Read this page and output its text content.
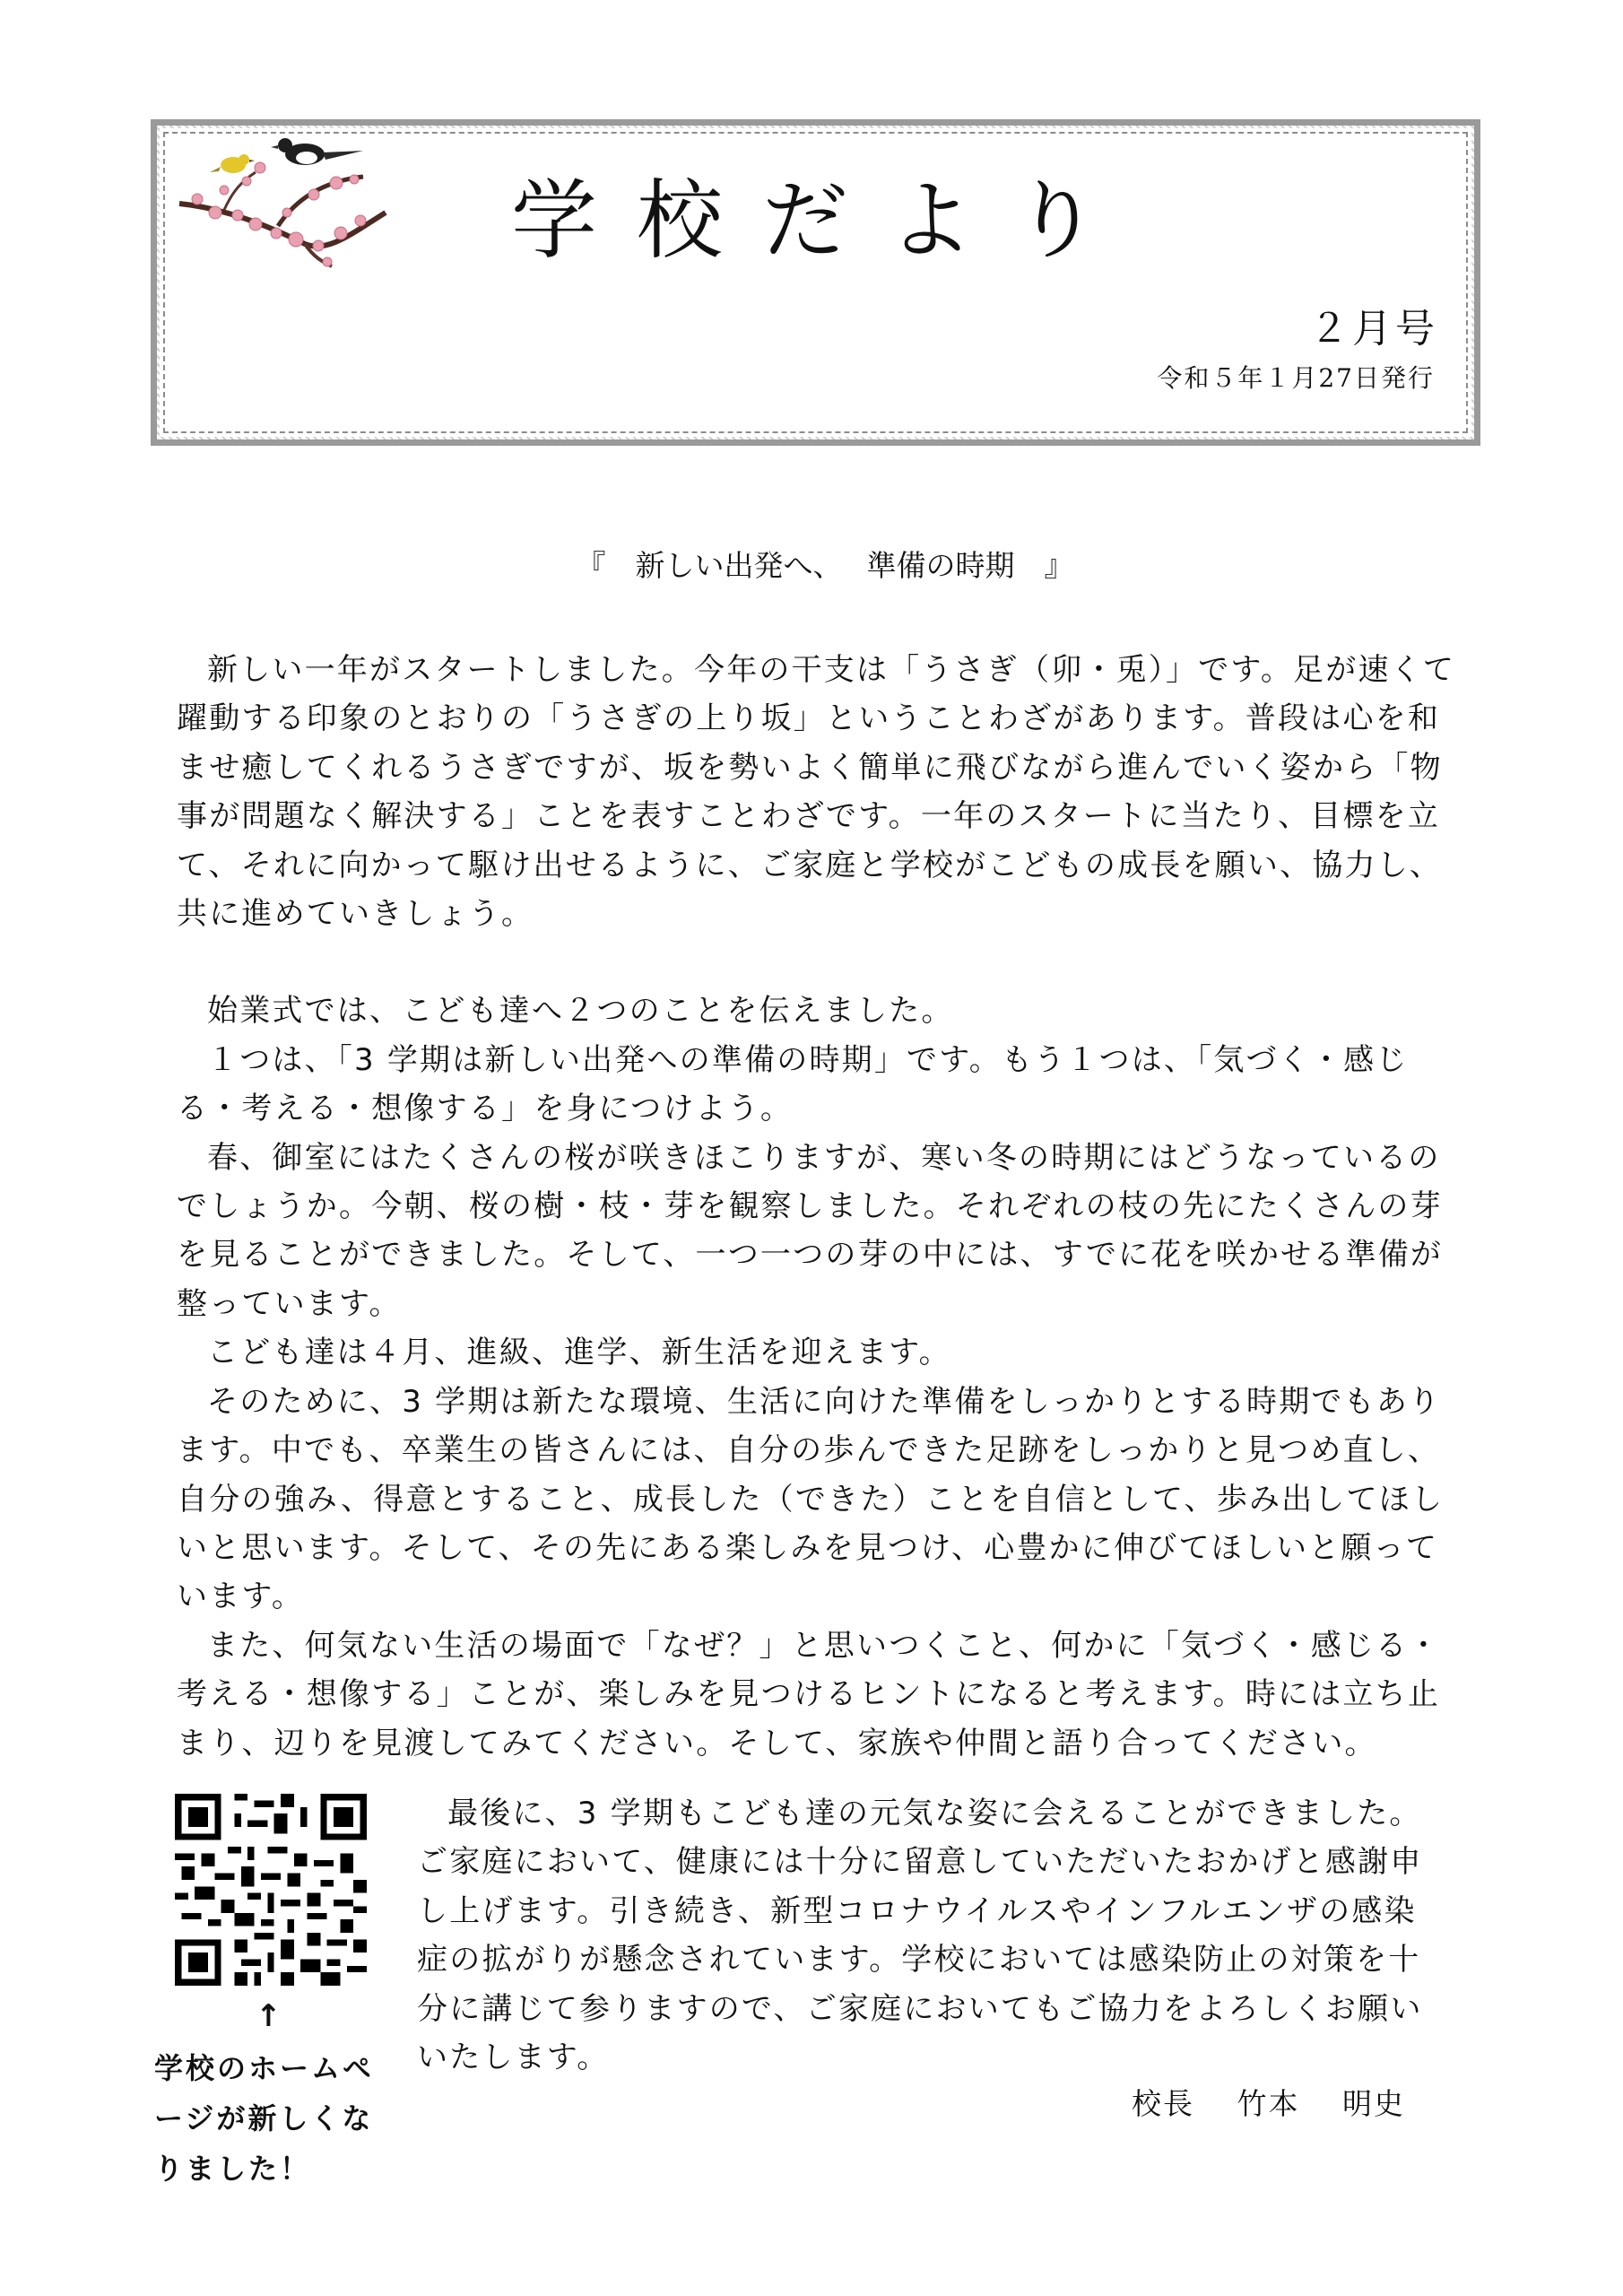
学校だより
２月号
令和５年１月27日発行
『　新しい出発へ、　 準備の時期　』

新しい一年がスタートしました。今年の干支は「うさぎ（卯・兎）」です。足が速くて躍動する印象のとおりの「うさぎの上り坂」ということわざがあります。普段は心を和ませ癒してくれるうさぎですが、坂を勢いよく簡単に飛びながら進んでいく姿から「物事が問題なく解決する」ことを表すことわざです。一年のスタートに当たり、目標を立て、それに向かって駆け出せるように、ご家庭と学校がこどもの成長を願い、協力し、共に進めていきしょう。

始業式では、こども達へ２つのことを伝えました。

１つは、「3 学期は新しい出発への準備の時期」です。もう１つは、「気づく・感じる・考える・想像する」を身につけよう。

春、御室にはたくさんの桜が咲きほこりますが、寒い冬の時期にはどうなっているのでしょうか。今朝、桜の樹・枝・芽を観察しました。それぞれの枝の先にたくさんの芽を見ることができました。そして、一つ一つの芽の中には、すでに花を咲かせる準備が整っています。

こども達は４月、進級、進学、新生活を迎えます。

そのために、3 学期は新たな環境、生活に向けた準備をしっかりとする時期でもあります。中でも、卒業生の皆さんには、自分の歩んできた足跡をしっかりと見つめ直し、自分の強み、得意とすること、成長した（できた）ことを自信として、歩み出してほしいと思います。そして、その先にある楽しみを見つけ、心豊かに伸びてほしいと願っています。

また、何気ない生活の場面で「なぜ？」と思いつくこと、何かに「気づく・感じる・考える・想像する」ことが、楽しみを見つけるヒントになると考えます。時には立ち止まり、辺りを見渡してみてください。そして、家族や仲間と語り合ってください。

↑
学校のホームページが新しくなりました！

最後に、3 学期もこども達の元気な姿に会えることができました。ご家庭において、健康には十分に留意していただいたおかげと感謝申し上げます。引き続き、新型コロナウイルスやインフルエンザの感染症の拡がりが懸念されています。学校においては感染防止の対策を十分に講じて参りますので、ご家庭においてもご協力をよろしくお願いいたします。

校長　 竹本　 明史
